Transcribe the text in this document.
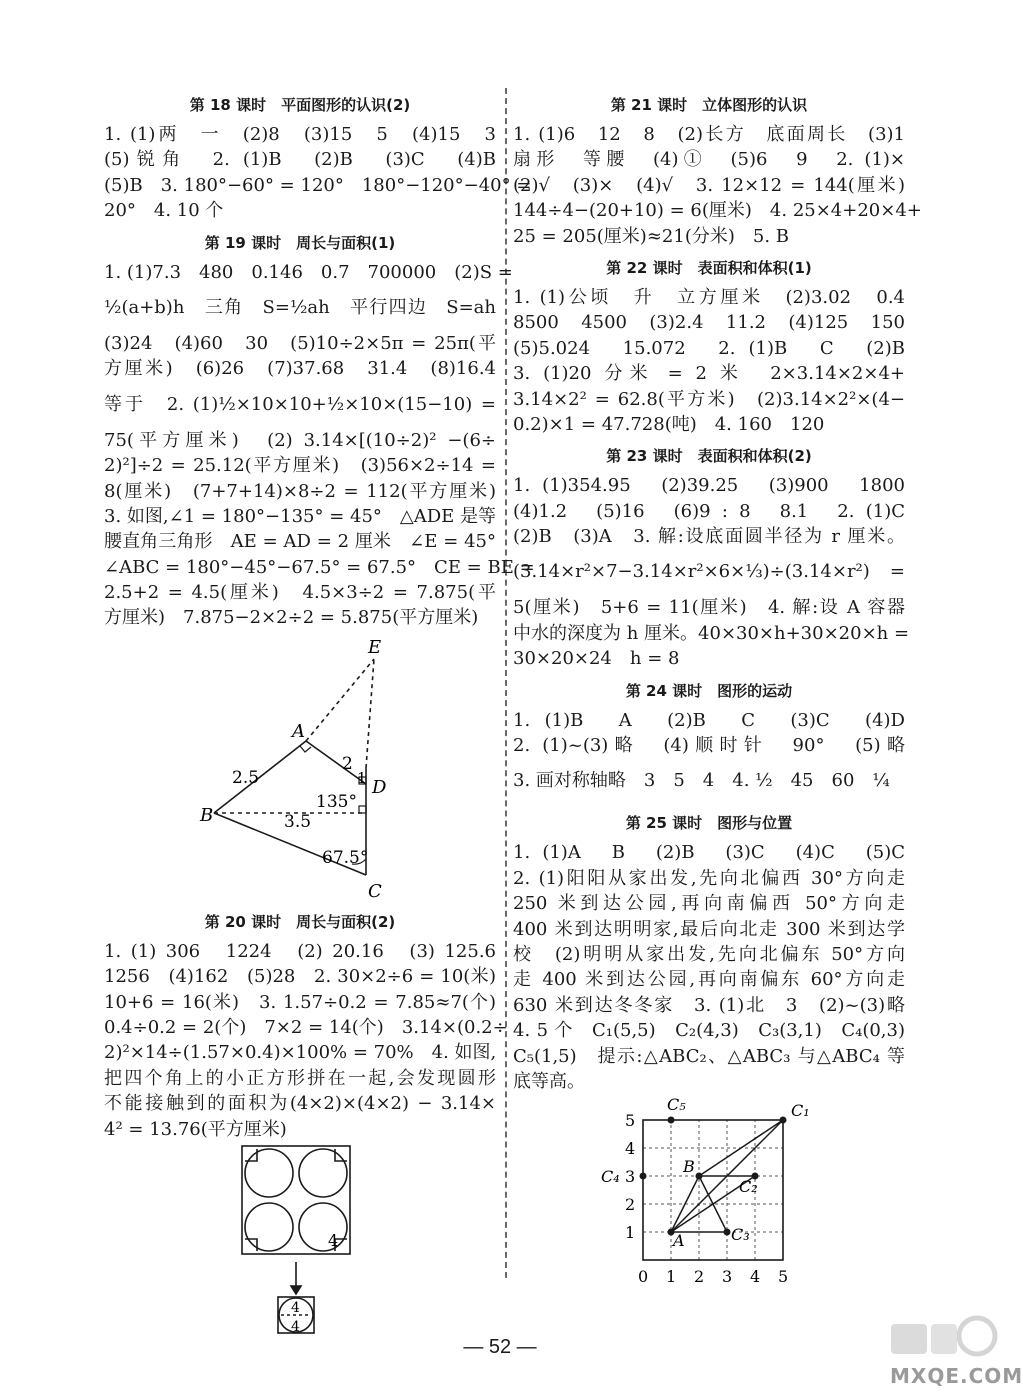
第 18 课时　平面图形的认识(2)
1. (1)两　一　(2)8　(3)15　5　(4)15　3
(5)锐角　2. (1)B　(2)B　(3)C　(4)B
(5)B　3. 180°−60° = 120°　180°−120°−40° =
20°　4. 10 个
第 19 课时　周长与面积(1)
1. (1)7.3　480　0.146　0.7　700000　(2)S =
½(a+b)h　三角　S=½ah　平行四边　S=ah
(3)24　(4)60　30　(5)10÷2×5π = 25π(平
方厘米)　(6)26　(7)37.68　31.4　(8)16.4
等于　2. (1)½×10×10+½×10×(15−10) =
75(平方厘米)　(2) 3.14×[(10÷2)² −(6÷
2)²]÷2 = 25.12(平方厘米)　(3)56×2÷14 =
8(厘米)　(7+7+14)×8÷2 = 112(平方厘米)
3. 如图,∠1 = 180°−135° = 45°　△ADE 是等
腰直角三角形　AE = AD = 2 厘米　∠E = 45°
∠ABC = 180°−45°−67.5° = 67.5°　CE = BE =
2.5+2 = 4.5(厘米)　4.5×3÷2 = 7.875(平
方厘米)　7.875−2×2÷2 = 5.875(平方厘米)
E
A
2
2.5	1 D
135°
3.5
B
67.5°
C
第 20 课时　周长与面积(2)
1. (1) 306　1224　(2) 20.16　(3) 125.6
1256　(4)162　(5)28　2. 30×2÷6 = 10(米)
10+6 = 16(米)　3. 1.57÷0.2 = 7.85≈7(个)
0.4÷0.2 = 2(个)　7×2 = 14(个)　3.14×(0.2÷
2)²×14÷(1.57×0.4)×100% = 70%　4. 如图,
把四个角上的小正方形拼在一起,会发现圆形
不能接触到的面积为(4×2)×(4×2) − 3.14×
4² = 13.76(平方厘米)
4
4
4
第 21 课时　立体图形的认识
1. (1)6　12　8　(2)长方　底面周长　(3)1
扇形　等腰　(4)①　(5)6　9　2. (1)×
(2)√　(3)×　(4)√　3. 12×12 = 144(厘米)
144÷4−(20+10) = 6(厘米)　4. 25×4+20×4+
25 = 205(厘米)≈21(分米)　5. B
第 22 课时　表面积和体积(1)
1. (1)公顷　升　立方厘米　(2)3.02　0.4
8500　4500　(3)2.4　11.2　(4)125　150
(5)5.024　15.072　2. (1)B　C　(2)B
3. (1)20 分米 = 2 米　2×3.14×2×4+
3.14×2² = 62.8(平方米)　(2)3.14×2²×(4−
0.2)×1 = 47.728(吨)　4. 160　120
第 23 课时　表面积和体积(2)
1. (1)354.95　(2)39.25　(3)900　1800
(4)1.2　(5)16　(6)9 : 8　8.1　2. (1)C
(2)B　(3)A　3. 解:设底面圆半径为 r 厘米。
(3.14×r²×7−3.14×r²×6×⅓)÷(3.14×r²) =
5(厘米)　5+6 = 11(厘米)　4. 解:设 A 容器
中水的深度为 h 厘米。40×30×h+30×20×h =
30×20×24　h = 8
第 24 课时　图形的运动
1. (1)B　A　(2)B　C　(3)C　(4)D
2. (1)~(3)略　(4)顺时针　90°　(5)略
3. 画对称轴略　3　5　4　4. ½　45　60　¼
第 25 课时　图形与位置
1. (1)A　B　(2)B　(3)C　(4)C　(5)C
2. (1)阳阳从家出发,先向北偏西 30°方向走
250 米到达公园,再向南偏西 50°方向走
400 米到达明明家,最后向北走 300 米到达学
校　(2)明明从家出发,先向北偏东 50°方向
走 400 米到达公园,再向南偏东 60°方向走
630 米到达冬冬家　3. (1)北　3　(2)~(3)略
4. 5 个　C₁(5,5)　C₂(4,3)　C₃(3,1)　C₄(0,3)
C₅(1,5)　提示:△ABC₂、△ABC₃ 与△ABC₄ 等
底等高。
0 1 2 3 4 5
1
2
3
4
5
A
B
C₁
C₂
C₃
C₄
C₅
— 52 —
MXQE.COM
